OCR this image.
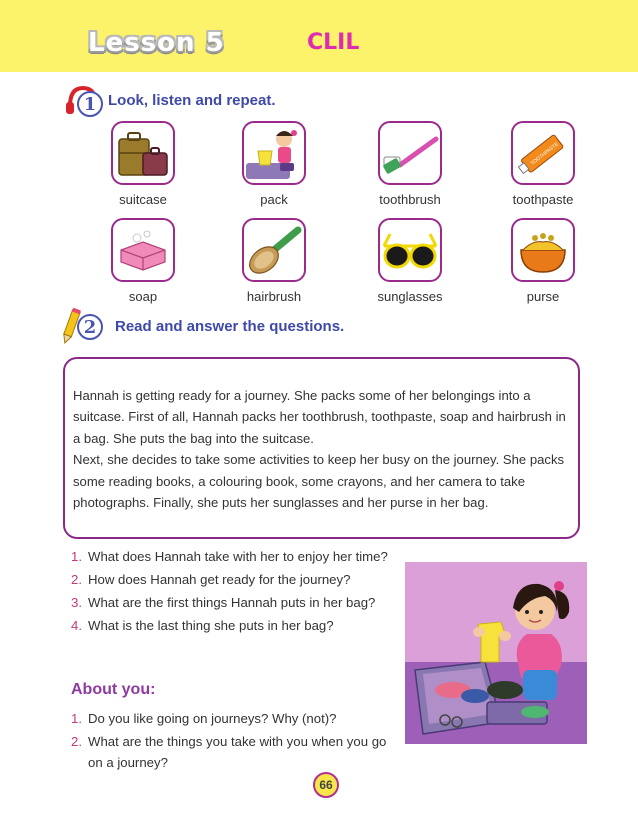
Lesson 5	CLIL
1 Look, listen and repeat.
suitcase	pack	toothbrush
TOOTHPASTE
toothpaste
soap	hairbrush	sunglasses	purse
2	Read and answer the questions.

Hannah is getting ready for a journey. She packs some of her belongings into a suitcase. First of all, Hannah packs her toothbrush, toothpaste, soap and hairbrush in a bag. She puts the bag into the suitcase.

Next, she decides to take some activities to keep her busy on the journey. She packs some reading books, a colouring book, some crayons, and her camera to take photographs. Finally, she puts her sunglasses and her purse in her bag.

1. What does Hannah take with her to enjoy her time?
2. How does Hannah get ready for the journey?
3. What are the first things Hannah puts in her bag?
4. What is the last thing she puts in her bag?
About you:
1. Do you like going on journeys? Why (not)?
2. What are the things you take with you when you go on a journey?
66
